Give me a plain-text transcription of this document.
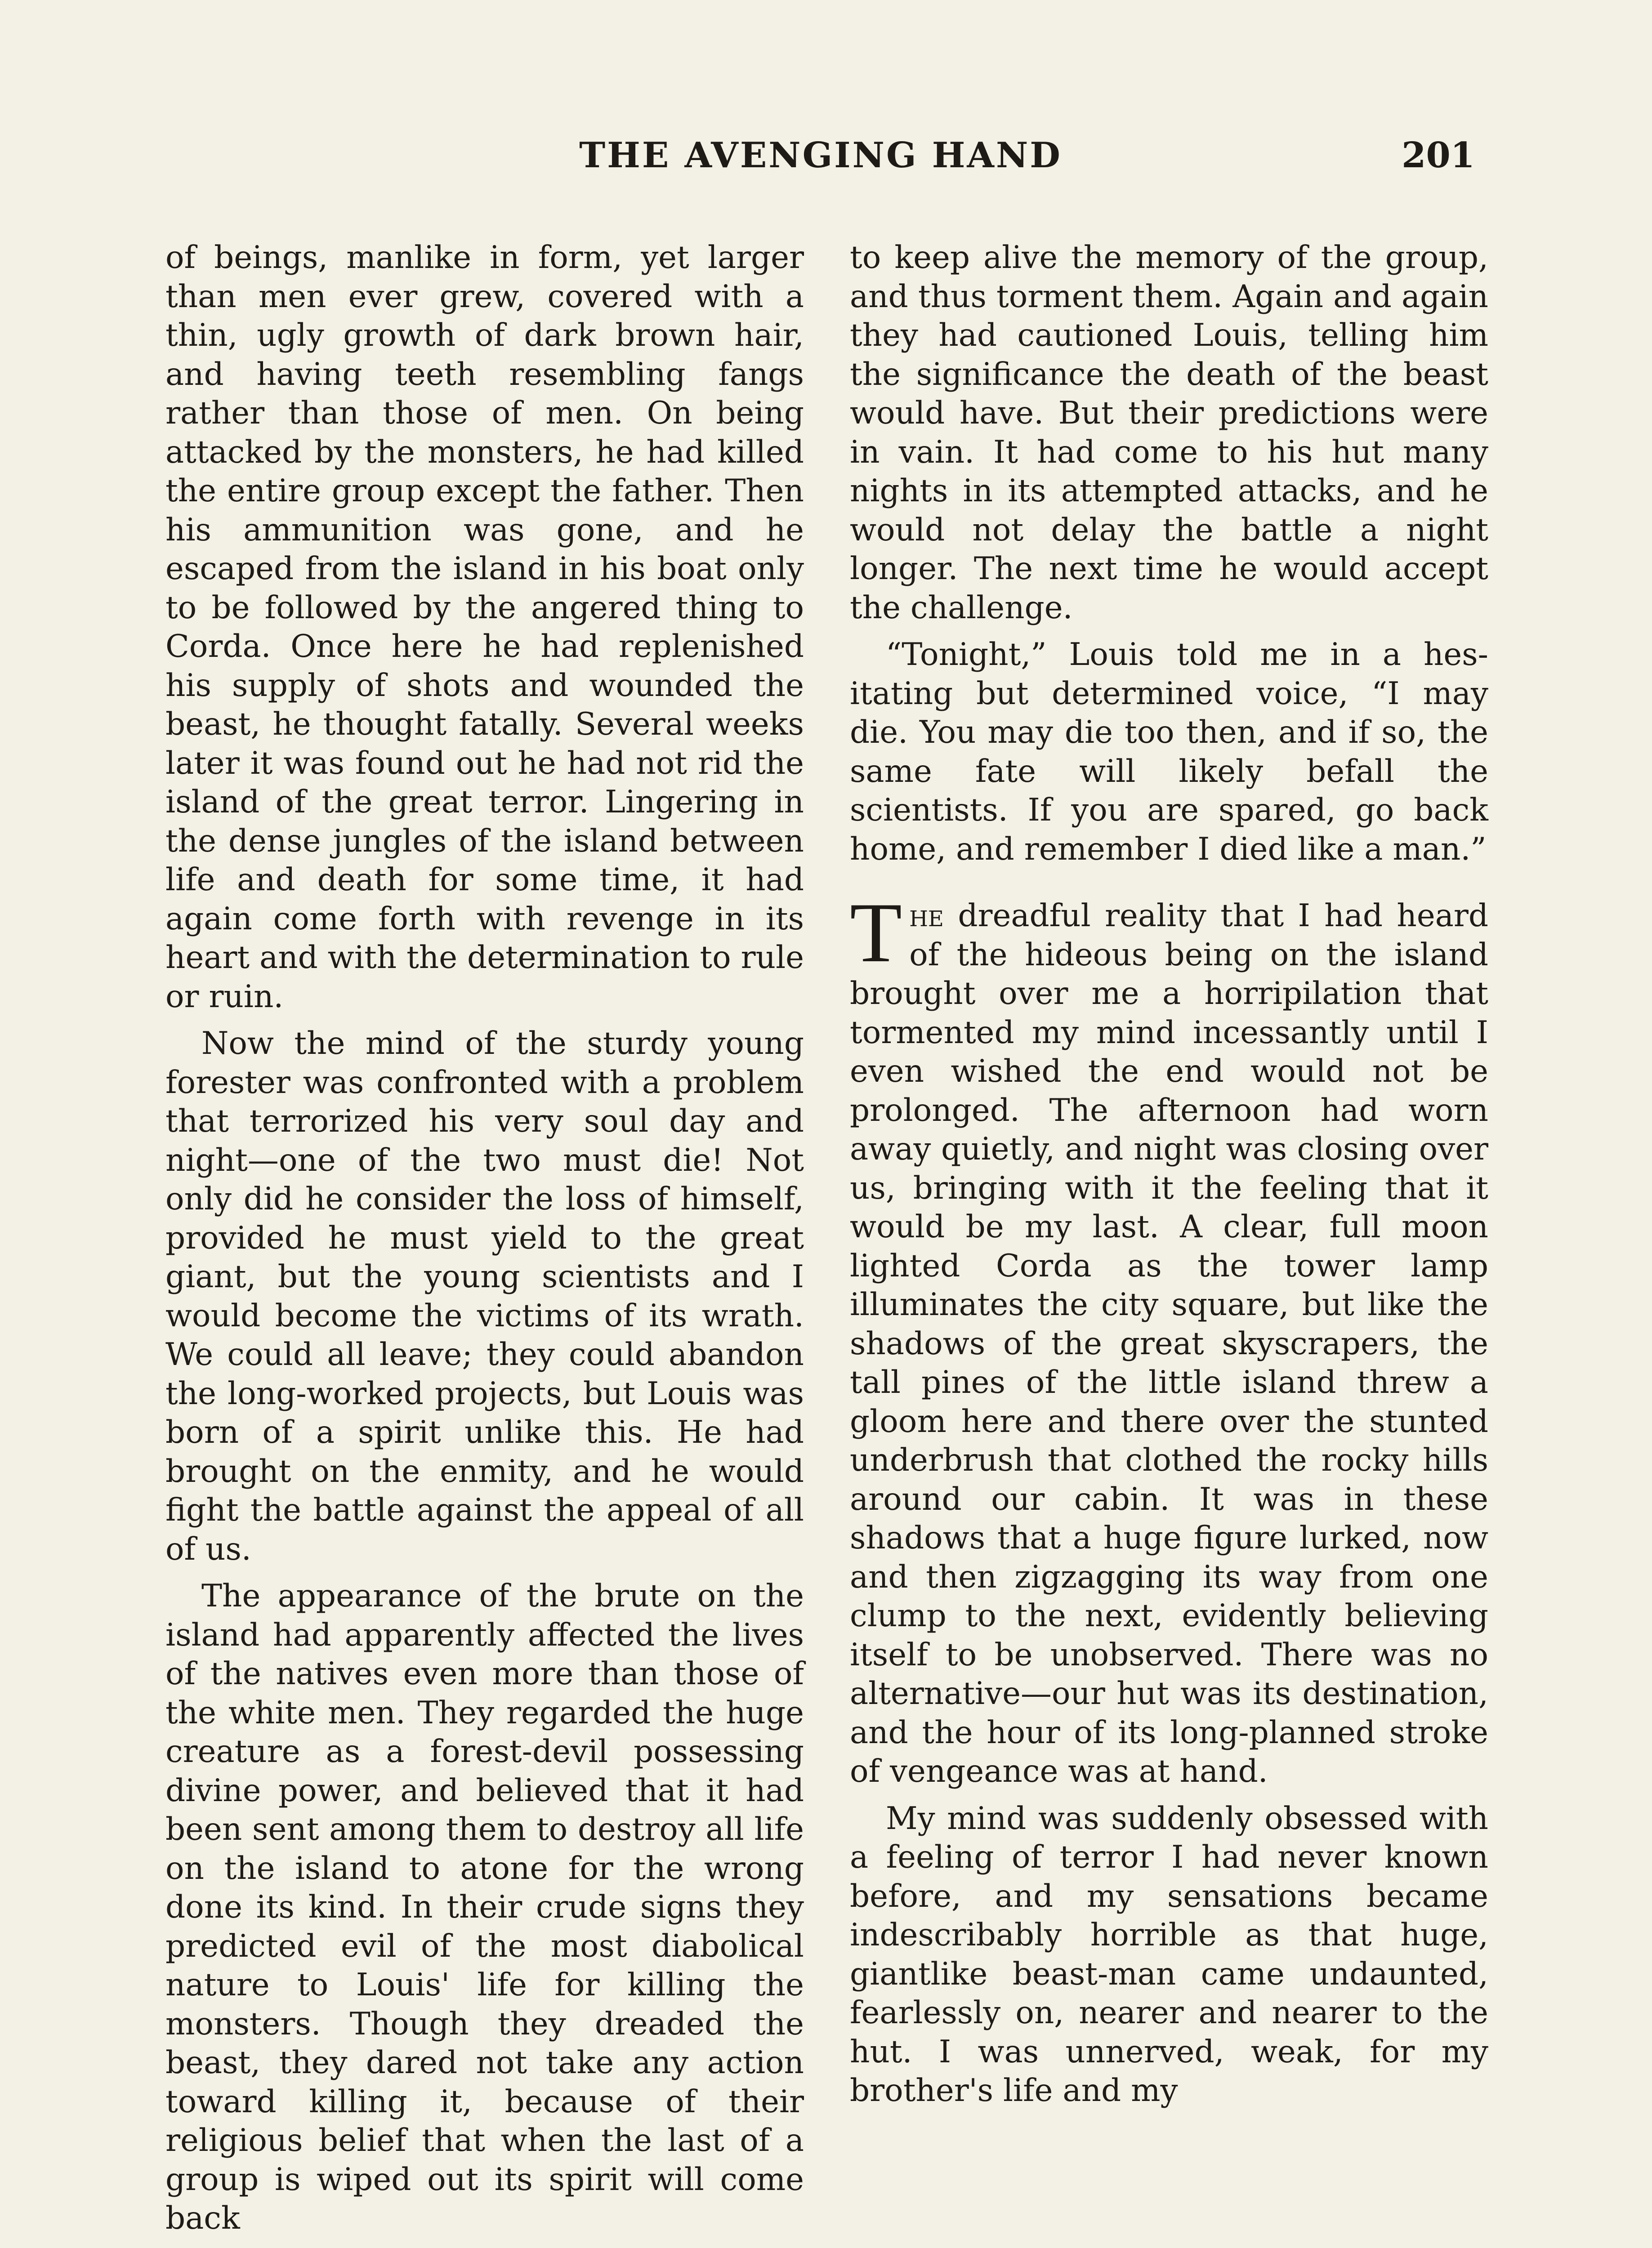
THE AVENGING HAND	201

of beings, manlike in form, yet larger than men ever grew, covered with a thin, ugly growth of dark brown hair, and having teeth resembling fangs rather than those of men. On being attacked by the monsters, he had killed the entire group except the father. Then his ammunition was gone, and he escaped from the island in his boat only to be followed by the angered thing to Corda. Once here he had replenished his supply of shots and wounded the beast, he thought fatally. Several weeks later it was found out he had not rid the island of the great terror. Lingering in the dense jungles of the island between life and death for some time, it had again come forth with revenge in its heart and with the determination to rule or ruin.

Now the mind of the sturdy young forester was confronted with a problem that terrorized his very soul day and night—one of the two must die! Not only did he consider the loss of himself, provided he must yield to the great giant, but the young scientists and I would become the victims of its wrath. We could all leave; they could abandon the long-worked projects, but Louis was born of a spirit unlike this. He had brought on the enmity, and he would fight the battle against the appeal of all of us.

The appearance of the brute on the island had apparently affected the lives of the natives even more than those of the white men. They regarded the huge creature as a forest-devil possessing divine power, and believed that it had been sent among them to destroy all life on the island to atone for the wrong done its kind. In their crude signs they predicted evil of the most diabolical nature to Louis' life for killing the monsters. Though they dreaded the beast, they dared not take any action toward killing it, because of their religious belief that when the last of a group is wiped out its spirit will come back

to keep alive the memory of the group, and thus torment them. Again and again they had cautioned Louis, telling him the significance the death of the beast would have. But their predictions were in vain. It had come to his hut many nights in its attempted attacks, and he would not delay the battle a night longer. The next time he would accept the challenge.

“Tonight,” Louis told me in a hesitating but determined voice, “I may die. You may die too then, and if so, the same fate will likely befall the scientists. If you are spared, go back home, and remember I died like a man.”

The dreadful reality that I had heard of the hideous being on the island brought over me a horripilation that tormented my mind incessantly until I even wished the end would not be prolonged. The afternoon had worn away quietly, and night was closing over us, bringing with it the feeling that it would be my last. A clear, full moon lighted Corda as the tower lamp illuminates the city square, but like the shadows of the great skyscrapers, the tall pines of the little island threw a gloom here and there over the stunted underbrush that clothed the rocky hills around our cabin. It was in these shadows that a huge figure lurked, now and then zigzagging its way from one clump to the next, evidently believing itself to be unobserved. There was no alternative—our hut was its destination, and the hour of its long-planned stroke of vengeance was at hand.

My mind was suddenly obsessed with a feeling of terror I had never known before, and my sensations became indescribably horrible as that huge, giantlike beast-man came undaunted, fearlessly on, nearer and nearer to the hut. I was unnerved, weak, for my brother's life and my
